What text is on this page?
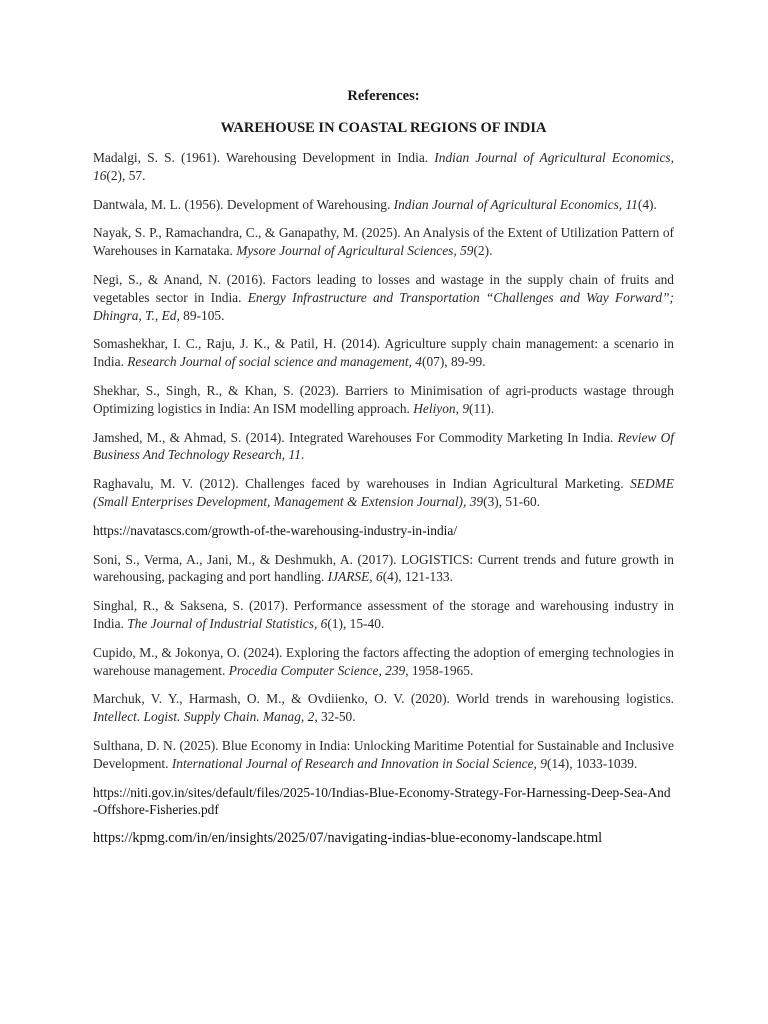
References:

WAREHOUSE IN COASTAL REGIONS OF INDIA

Madalgi, S. S. (1961). Warehousing Development in India. Indian Journal of Agricultural Economics, 16(2), 57.

Dantwala, M. L. (1956). Development of Warehousing. Indian Journal of Agricultural Economics, 11(4).

Nayak, S. P., Ramachandra, C., & Ganapathy, M. (2025). An Analysis of the Extent of Utilization Pattern of Warehouses in Karnataka. Mysore Journal of Agricultural Sciences, 59(2).

Negi, S., & Anand, N. (2016). Factors leading to losses and wastage in the supply chain of fruits and vegetables sector in India. Energy Infrastructure and Transportation “Challenges and Way Forward”; Dhingra, T., Ed, 89-105.

Somashekhar, I. C., Raju, J. K., & Patil, H. (2014). Agriculture supply chain management: a scenario in India. Research Journal of social science and management, 4(07), 89-99.

Shekhar, S., Singh, R., & Khan, S. (2023). Barriers to Minimisation of agri-products wastage through Optimizing logistics in India: An ISM modelling approach. Heliyon, 9(11).

Jamshed, M., & Ahmad, S. (2014). Integrated Warehouses For Commodity Marketing In India. Review Of Business And Technology Research, 11.

Raghavalu, M. V. (2012). Challenges faced by warehouses in Indian Agricultural Marketing. SEDME (Small Enterprises Development, Management & Extension Journal), 39(3), 51-60.

https://navatascs.com/growth-of-the-warehousing-industry-in-india/

Soni, S., Verma, A., Jani, M., & Deshmukh, A. (2017). LOGISTICS: Current trends and future growth in warehousing, packaging and port handling. IJARSE, 6(4), 121-133.

Singhal, R., & Saksena, S. (2017). Performance assessment of the storage and warehousing industry in India. The Journal of Industrial Statistics, 6(1), 15-40.

Cupido, M., & Jokonya, O. (2024). Exploring the factors affecting the adoption of emerging technologies in warehouse management. Procedia Computer Science, 239, 1958-1965.

Marchuk, V. Y., Harmash, O. M., & Ovdiienko, O. V. (2020). World trends in warehousing logistics. Intellect. Logist. Supply Chain. Manag, 2, 32-50.

Sulthana, D. N. (2025). Blue Economy in India: Unlocking Maritime Potential for Sustainable and Inclusive Development. International Journal of Research and Innovation in Social Science, 9(14), 1033-1039.

https://niti.gov.in/sites/default/files/2025-10/Indias-Blue-Economy-Strategy-For-Harnessing-Deep-Sea-And-Offshore-Fisheries.pdf

https://kpmg.com/in/en/insights/2025/07/navigating-indias-blue-economy-landscape.html
